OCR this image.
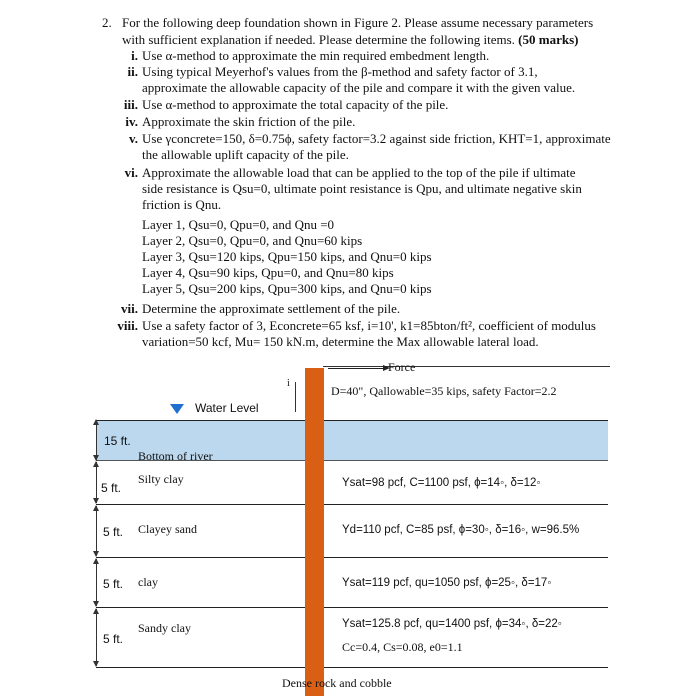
2. For the following deep foundation shown in Figure 2. Please assume necessary parameters
with sufficient explanation if needed. Please determine the following items. (50 marks)
i. Use α-method to approximate the min required embedment length.
ii. Using typical Meyerhof's values from the β-method and safety factor of 3.1,
approximate the allowable capacity of the pile and compare it with the given value.
iii. Use α-method to approximate the total capacity of the pile.
iv. Approximate the skin friction of the pile.
v. Use γconcrete=150, δ=0.75ϕ, safety factor=3.2 against side friction, KHT=1, approximate
the allowable uplift capacity of the pile.
vi. Approximate the allowable load that can be applied to the top of the pile if ultimate
side resistance is Qsu=0, ultimate point resistance is Qpu, and ultimate negative skin
friction is Qnu.
vii. Determine the approximate settlement of the pile.
viii. Use a safety factor of 3, Econcrete=65 ksf, i=10', k1=85bton/ft², coefficient of modulus
variation=50 kcf, Mu= 150 kN.m, determine the Max allowable lateral load.
Layer 1, Qsu=0, Qpu=0, and Qnu =0
Layer 2, Qsu=0, Qpu=0, and Qnu=60 kips
Layer 3, Qsu=120 kips, Qpu=150 kips, and Qnu=0 kips
Layer 4, Qsu=90 kips, Qpu=0, and Qnu=80 kips
Layer 5, Qsu=200 kips, Qpu=300 kips, and Qnu=0 kips
Force
D=40", Qallowable=35 kips, safety Factor=2.2
i
Water Level
15 ft.
5 ft.
5 ft.
5 ft.
5 ft.
Bottom of river
Silty clay
Clayey sand
clay
Sandy clay
Ysat=98 pcf, C=1100 psf, ϕ=14◦, δ=12◦
Yd=110 pcf, C=85 psf, ϕ=30◦, δ=16◦, w=96.5%
Ysat=119 pcf, qu=1050 psf, ϕ=25◦, δ=17◦
Ysat=125.8 pcf, qu=1400 psf, ϕ=34◦, δ=22◦
Cc=0.4, Cs=0.08, e0=1.1
Dense rock and cobble
